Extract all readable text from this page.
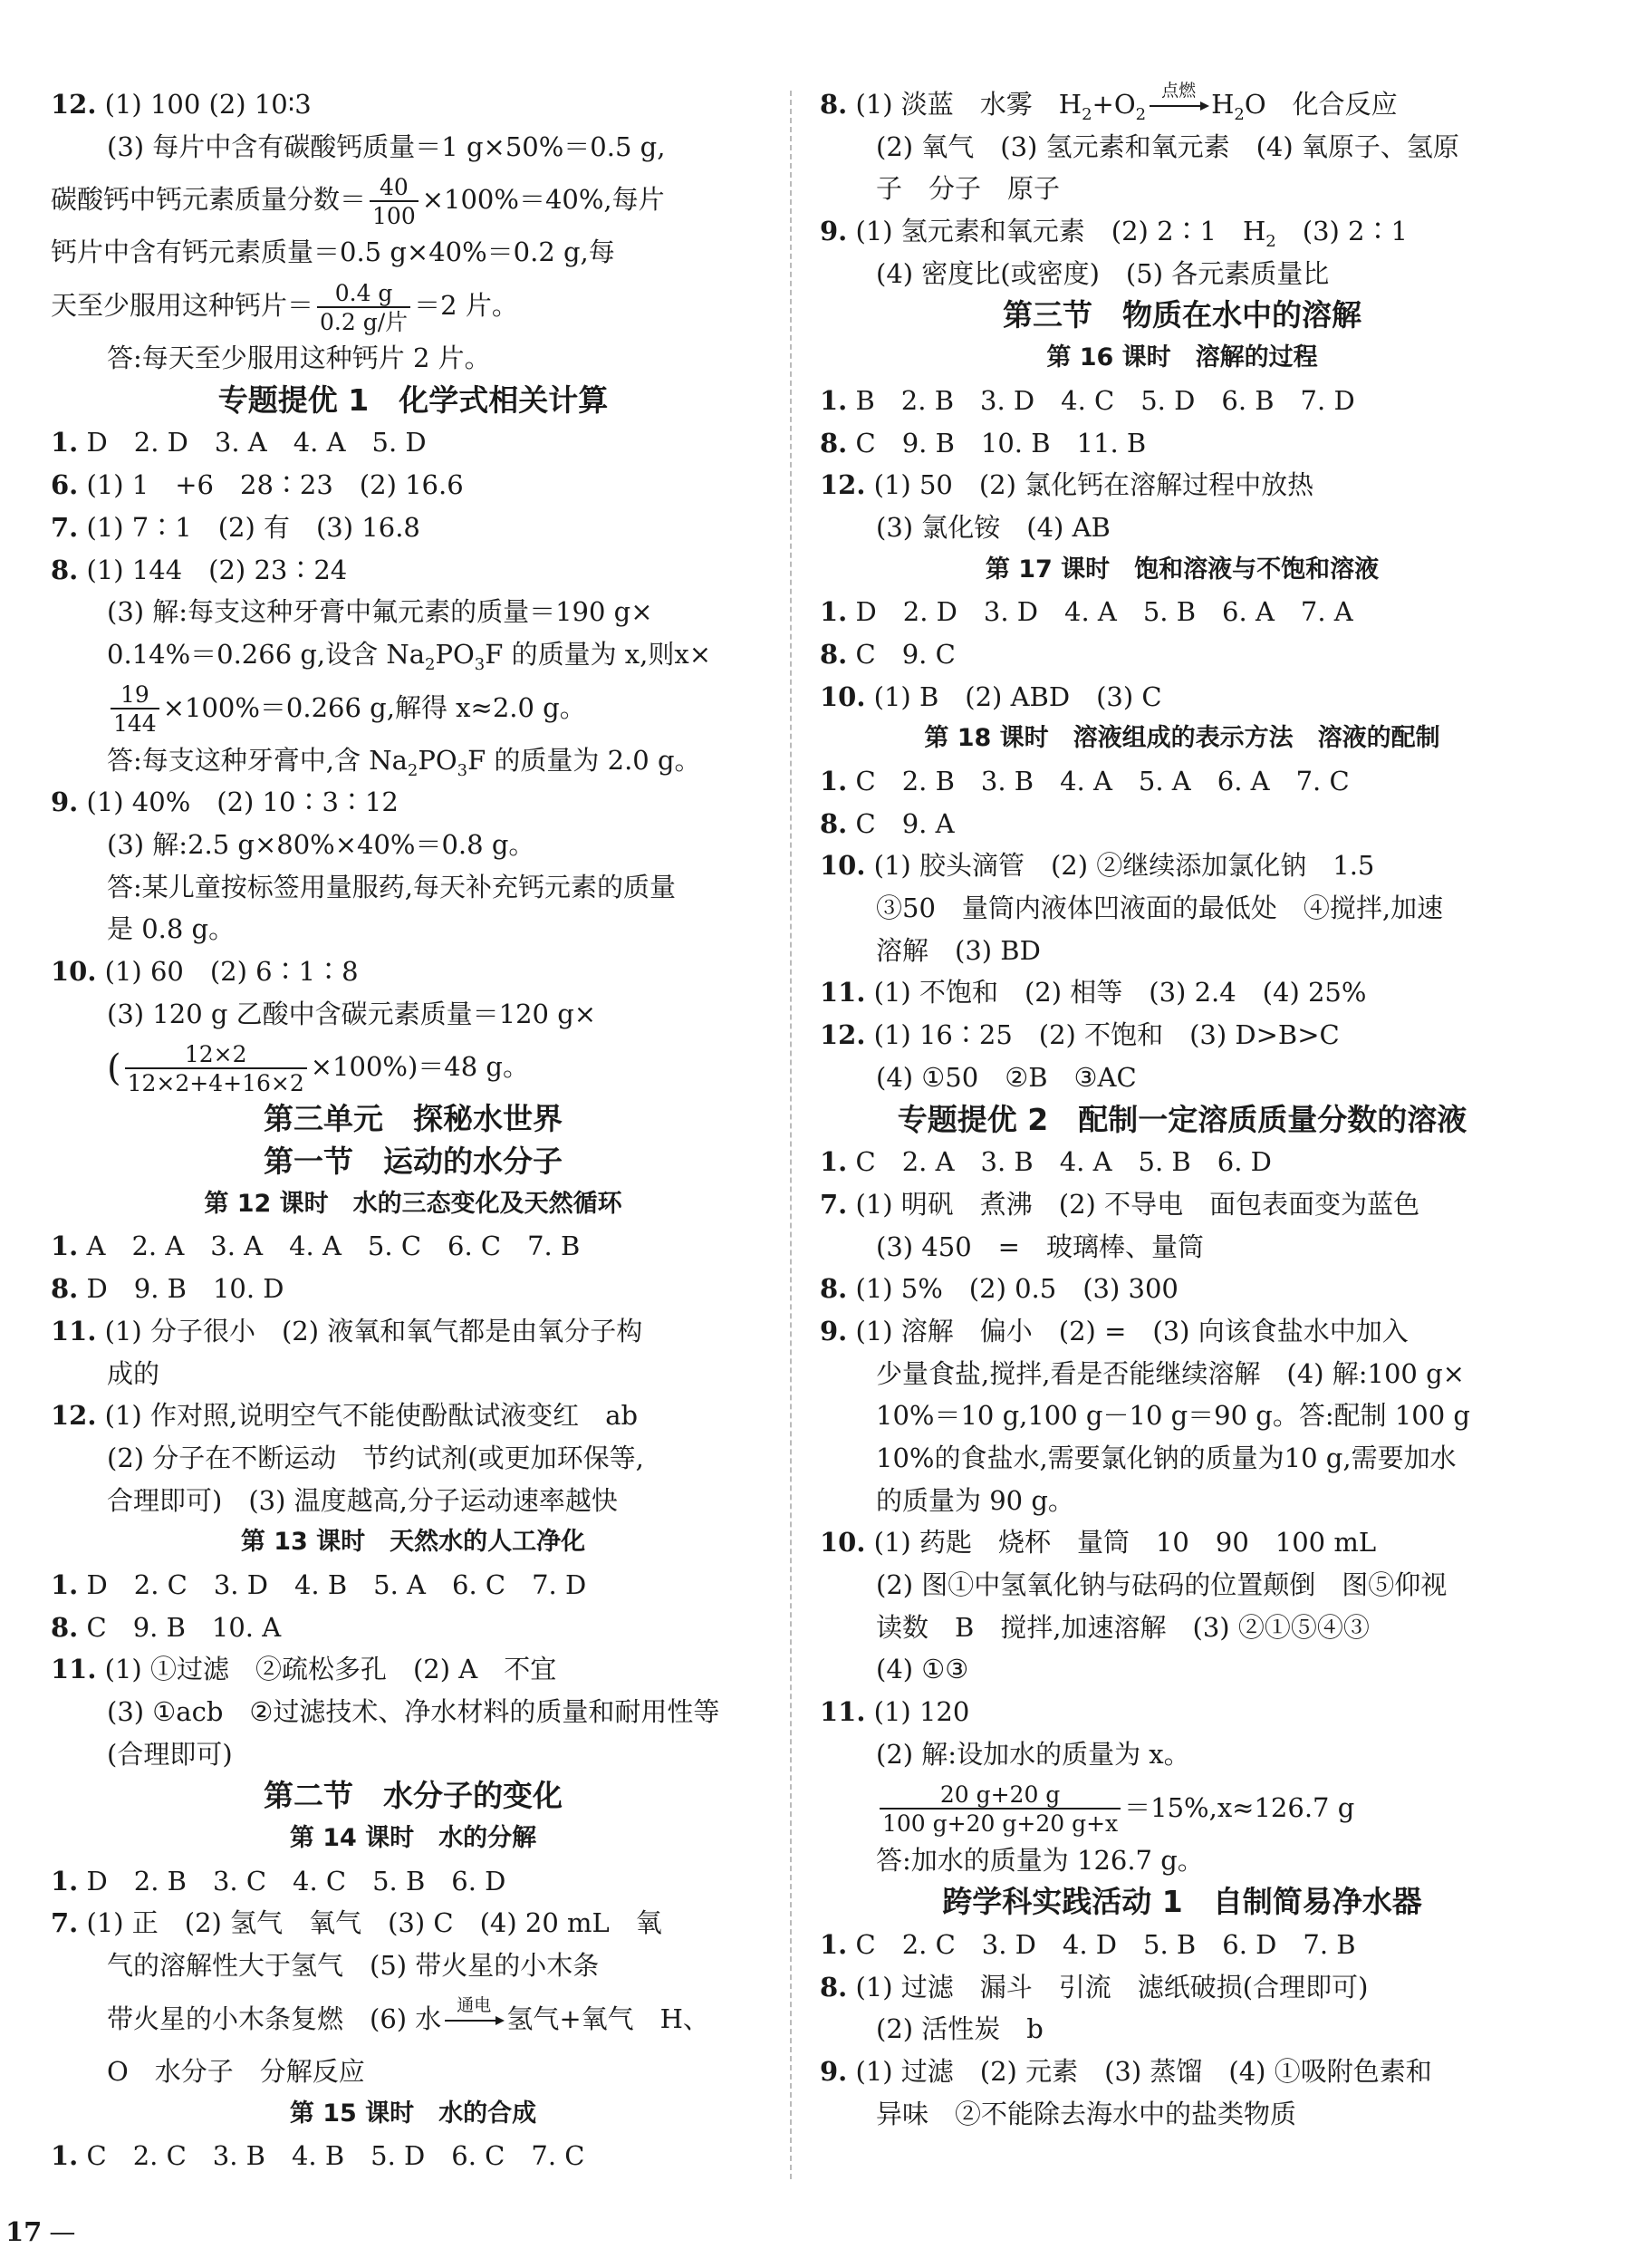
12. (1) 100 (2) 10∶3
(3) 每片中含有碳酸钙质量＝1 g×50%＝0.5 g,
碳酸钙中钙元素质量分数＝ $\frac{40}{100} \times 100\%=40\%$,每片
钙片中含有钙元素质量＝0.5 g×40%＝0.2 g,每
天至少服用这种钙片＝ $\frac{0.4 g}{\text{0.2 g/片}} =2$ 片。
答:每天至少服用这种钙片 2 片。
专题提优 1　化学式相关计算
1. D　2. D　3. A　4. A　5. D
6. (1) 1　+6　28∶23　(2) 16.6
7. (1) 7∶1　(2) 有　(3) 16.8
8. (1) 144　(2) 23∶24
(3) 解:每支这种牙膏中氟元素的质量＝190 g×
0.14%＝0.266 g,设含 $Na_2PO_3F$ 的质量为 x,则x×
$\frac{19}{144} \times 100\%=0.266$ g,解得 x≈2.0 g。
答:每支这种牙膏中,含 $Na_2PO_3F$ 的质量为 2.0 g。
9. (1) 40%　(2) 10∶3∶12
(3) 解:2.5 g×80%×40%＝0.8 g。
答:某儿童按标签用量服药,每天补充钙元素的质量
是 0.8 g。
10. (1) 60　(2) 6∶1∶8
(3) 120 g 乙酸中含碳元素质量＝120 g×
( $\frac{12\times 2}{12\times 2+4+16\times 2} \times 100\%)=48$ g。
第三单元　探秘水世界
第一节　运动的水分子
第 12 课时　水的三态变化及天然循环
1. A　2. A　3. A　4. A　5. C　6. C　7. B
8. D　9. B　10. D
11. (1) 分子很小　(2) 液氧和氧气都是由氧分子构
成的
12. (1) 作对照,说明空气不能使酚酞试液变红　ab
(2) 分子在不断运动　节约试剂(或更加环保等,
合理即可)　(3) 温度越高,分子运动速率越快
第 13 课时　天然水的人工净化
1. D　2. C　3. D　4. B　5. A　6. C　7. D
8. C　9. B　10. A
11. (1) ①过滤　②疏松多孔　(2) A　不宜
(3) ①acb　②过滤技术、净水材料的质量和耐用性等
(合理即可)
第二节　水分子的变化
第 14 课时　水的分解
1. D　2. B　3. C　4. C　5. B　6. D
7. (1) 正　(2) 氢气　氧气　(3) C　(4) 20 mL　氧
气的溶解性大于氢气　(5) 带火星的小木条
带火星的小木条复燃　(6) 水 通电 氢气+氧气　H、
O　水分子　分解反应
第 15 课时　水的合成
1. C　2. C　3. B　4. B　5. D　6. C　7. C
8. (1) 淡蓝　水雾　$H_2+O_2$
点燃 $H_2O$　化合反应
(2) 氧气　(3) 氢元素和氧元素　(4) 氧原子、氢原
子　分子　原子
9. (1) 氢元素和氧元素　(2) 2∶1　$H_2$　(3) 2∶1
(4) 密度比(或密度)　(5) 各元素质量比
第三节　物质在水中的溶解
第 16 课时　溶解的过程
1. B　2. B　3. D　4. C　5. D　6. B　7. D
8. C　9. B　10. B　11. B
12. (1) 50　(2) 氯化钙在溶解过程中放热
(3) 氯化铵　(4) AB
第 17 课时　饱和溶液与不饱和溶液
1. D　2. D　3. D　4. A　5. B　6. A　7. A
8. C　9. C
10. (1) B　(2) ABD　(3) C
第 18 课时　溶液组成的表示方法　溶液的配制
1. C　2. B　3. B　4. A　5. A　6. A　7. C
8. C　9. A
10. (1) 胶头滴管　(2) ②继续添加氯化钠　1.5
③50　量筒内液体凹液面的最低处　④搅拌,加速
溶解　(3) BD
11. (1) 不饱和　(2) 相等　(3) 2.4　(4) 25%
12. (1) 16∶25　(2) 不饱和　(3) D>B>C
(4) ①50　②B　③AC
专题提优 2　配制一定溶质质量分数的溶液
1. C　2. A　3. B　4. A　5. B　6. D
7. (1) 明矾　煮沸　(2) 不导电　面包表面变为蓝色
(3) 450　=　玻璃棒、量筒
8. (1) 5%　(2) 0.5　(3) 300
9. (1) 溶解　偏小　(2) =　(3) 向该食盐水中加入
少量食盐,搅拌,看是否能继续溶解　(4) 解:100 g×
10%＝10 g,100 g－10 g＝90 g。答:配制 100 g
10%的食盐水,需要氯化钠的质量为10 g,需要加水
的质量为 90 g。
10. (1) 药匙　烧杯　量筒　10　90　100 mL
(2) 图①中氢氧化钠与砝码的位置颠倒　图⑤仰视
读数　B　搅拌,加速溶解　(3) ②①⑤④③
(4) ①③
11. (1) 120
(2) 解:设加水的质量为 x。
$\frac{20 g+20 g}{100 g+20 g+20 g+x} =15\%,x\approx 126.7$ g
答:加水的质量为 126.7 g。
跨学科实践活动 1　自制简易净水器
1. C　2. C　3. D　4. D　5. B　6. D　7. B
8. (1) 过滤　漏斗　引流　滤纸破损(合理即可)
(2) 活性炭　b
9. (1) 过滤　(2) 元素　(3) 蒸馏　(4) ①吸附色素和
异味　②不能除去海水中的盐类物质
17 —
